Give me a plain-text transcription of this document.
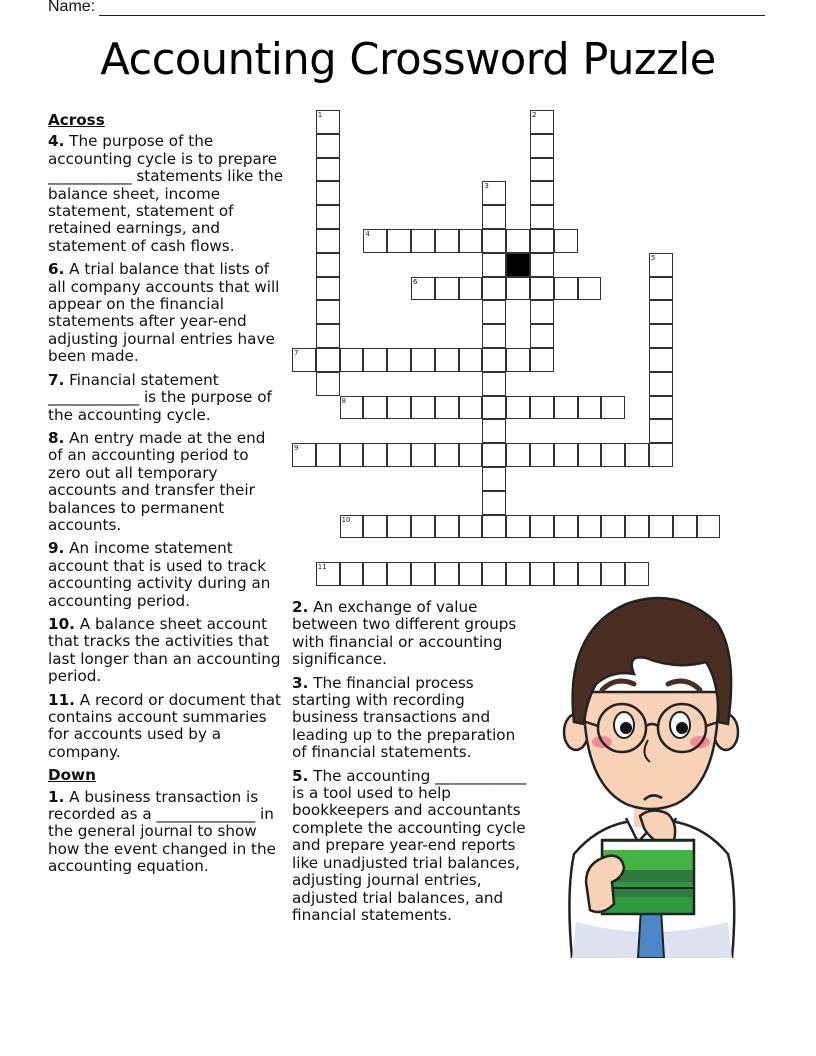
Name:
Accounting Crossword Puzzle
Across
4. The purpose of the accounting cycle is to prepare ___________ statements like the balance sheet, income statement, statement of retained earnings, and statement of cash flows.
6. A trial balance that lists of all company accounts that will appear on the financial statements after year-end adjusting journal entries have been made.
7. Financial statement ____________ is the purpose of the accounting cycle.
8. An entry made at the end of an accounting period to zero out all temporary accounts and transfer their balances to permanent accounts.
9. An income statement account that is used to track accounting activity during an accounting period.
10. A balance sheet account that tracks the activities that last longer than an accounting period.
11. A record or document that contains account summaries for accounts used by a company.
Down
1. A business transaction is recorded as a _____________ in the general journal to show how the event changed in the accounting equation.
2. An exchange of value between two different groups with financial or accounting significance.
3. The financial process starting with recording business transactions and leading up to the preparation of financial statements.
5. The accounting ____________ is a tool used to help bookkeepers and accountants complete the accounting cycle and prepare year-end reports like unadjusted trial balances, adjusting journal entries, adjusted trial balances, and financial statements.
1	2
3
4
5
6
7
8
9
10
11
